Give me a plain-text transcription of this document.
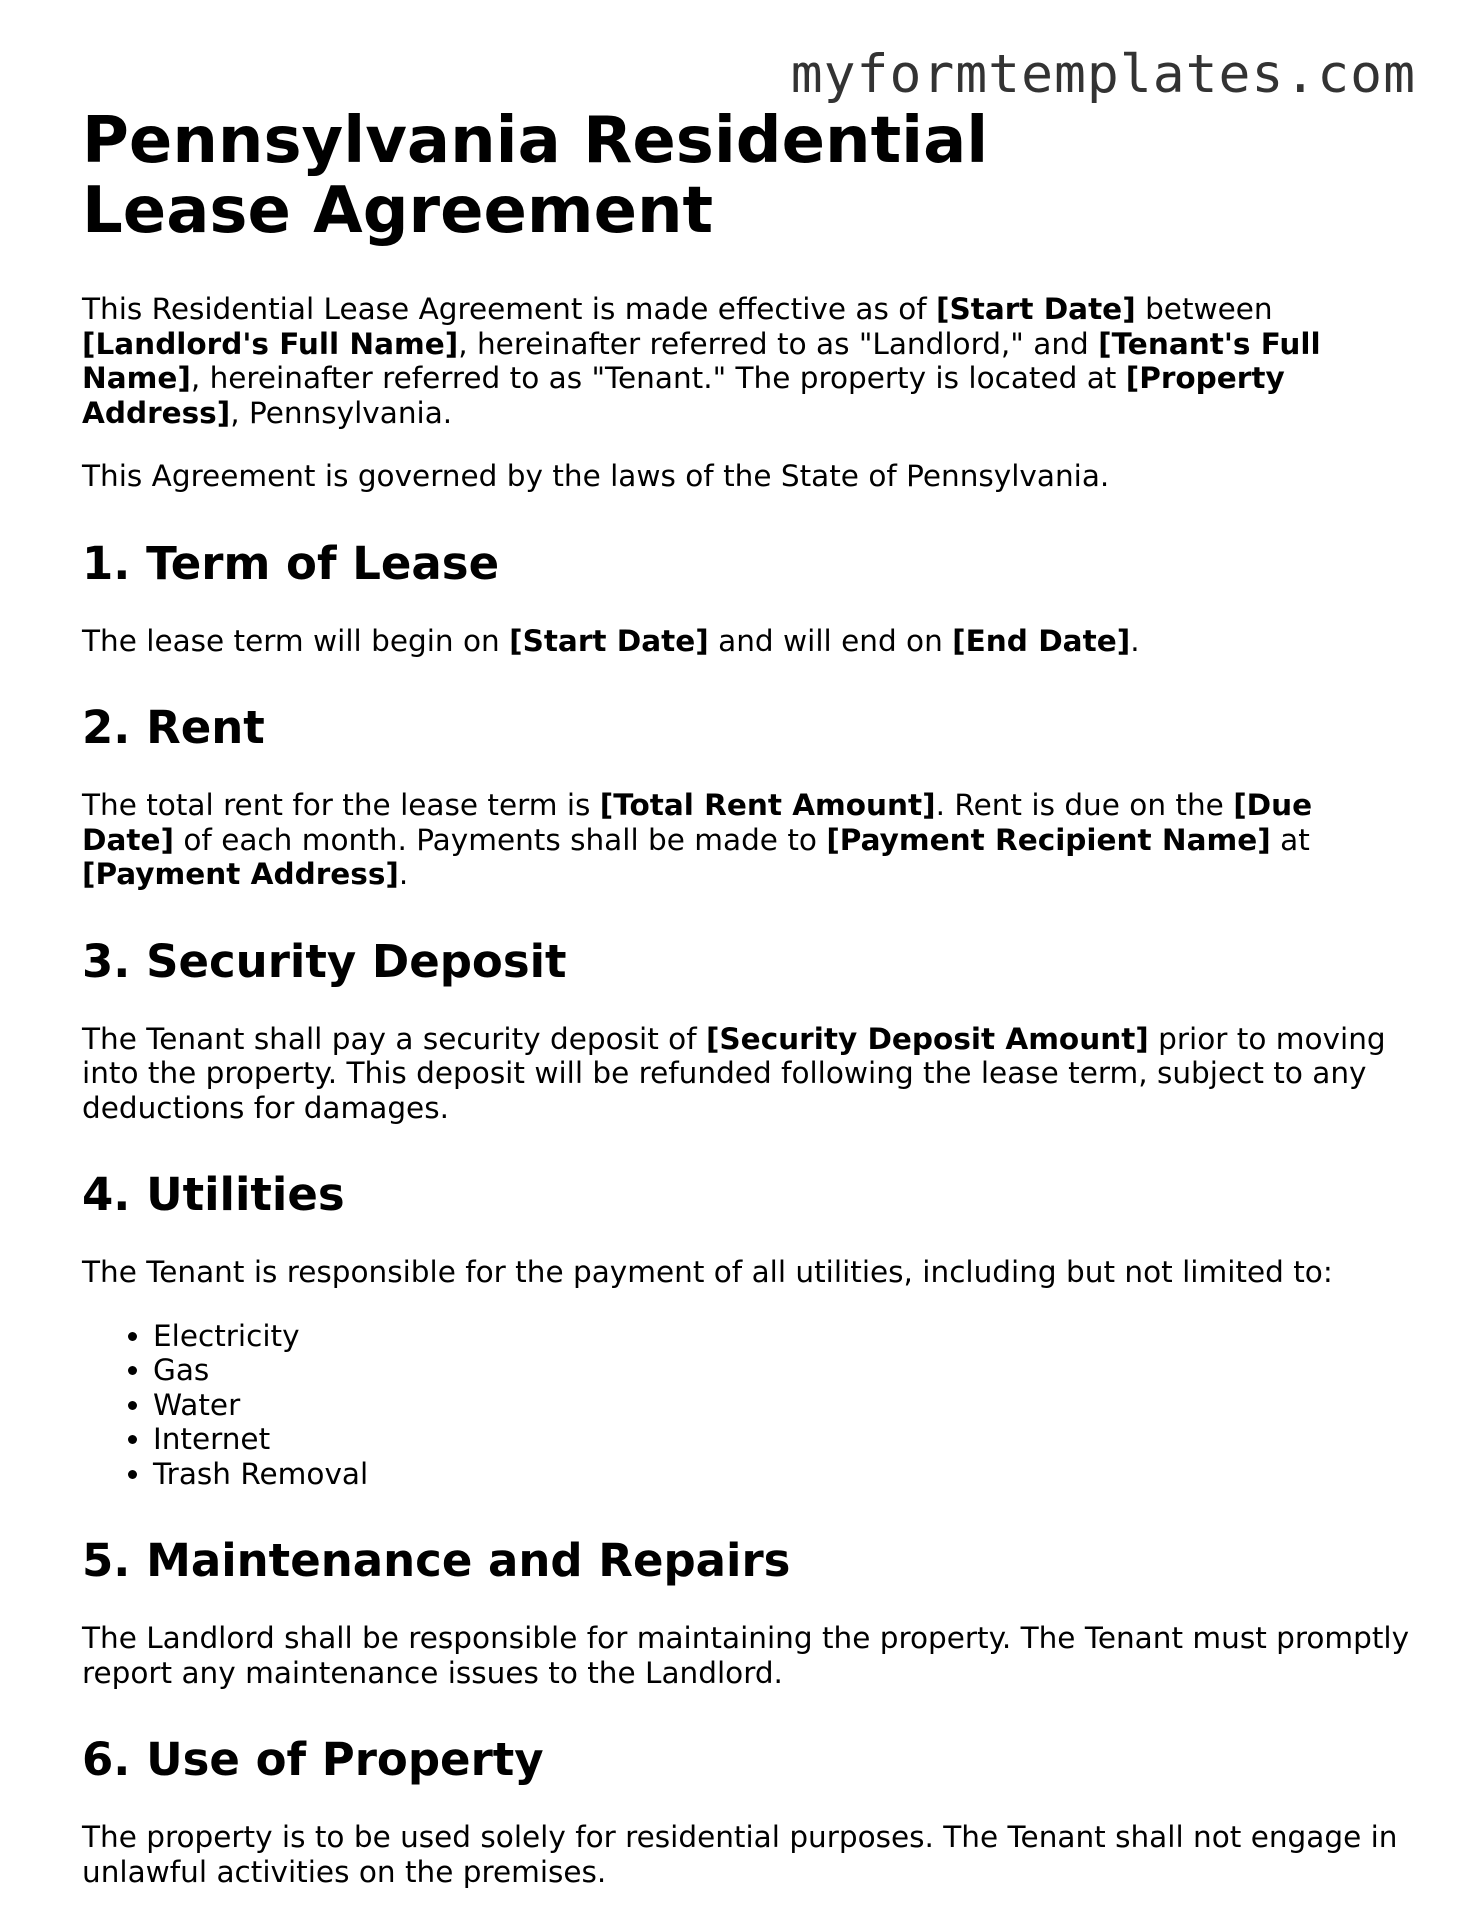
myformtemplates.com
Pennsylvania Residential Lease Agreement

This Residential Lease Agreement is made effective as of [Start Date] between [Landlord's Full Name], hereinafter referred to as "Landlord," and [Tenant's Full Name], hereinafter referred to as "Tenant." The property is located at [Property Address], Pennsylvania.

This Agreement is governed by the laws of the State of Pennsylvania.

1. Term of Lease

The lease term will begin on [Start Date] and will end on [End Date].

2. Rent

The total rent for the lease term is [Total Rent Amount]. Rent is due on the [Due Date] of each month. Payments shall be made to [Payment Recipient Name] at [Payment Address].

3. Security Deposit

The Tenant shall pay a security deposit of [Security Deposit Amount] prior to moving into the property. This deposit will be refunded following the lease term, subject to any deductions for damages.

4. Utilities

The Tenant is responsible for the payment of all utilities, including but not limited to:

• Electricity
• Gas
• Water
• Internet
• Trash Removal
5. Maintenance and Repairs

The Landlord shall be responsible for maintaining the property. The Tenant must promptly report any maintenance issues to the Landlord.

6. Use of Property

The property is to be used solely for residential purposes. The Tenant shall not engage in unlawful activities on the premises.
